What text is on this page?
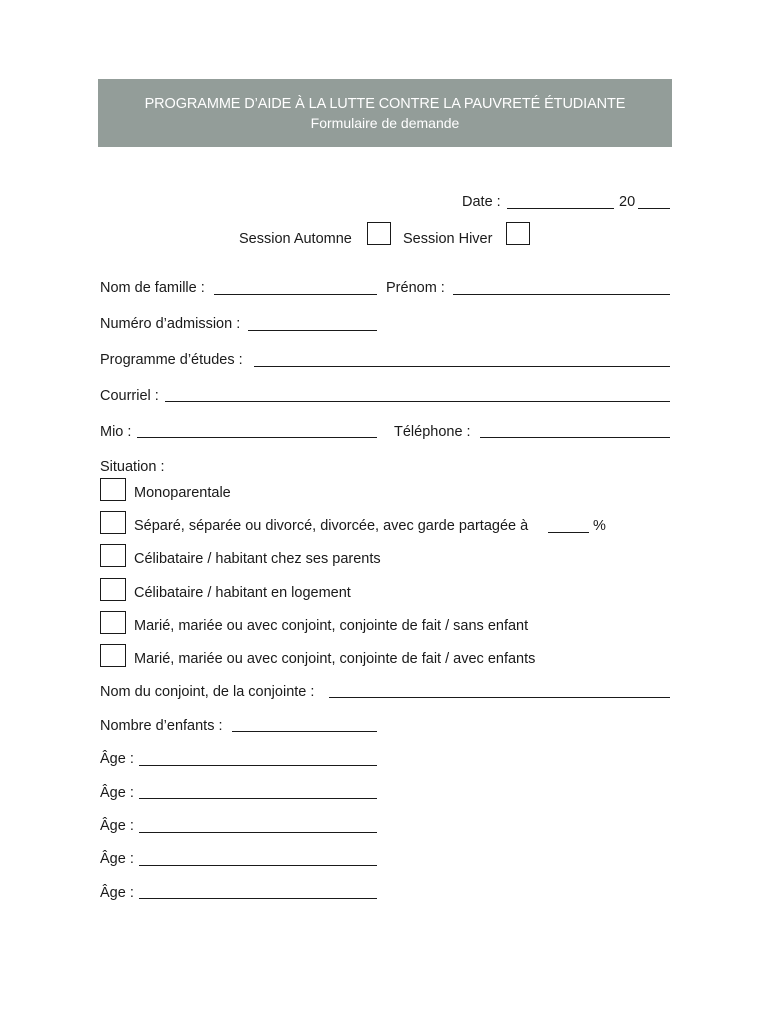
PROGRAMME D’AIDE À LA LUTTE CONTRE LA PAUVRETÉ ÉTUDIANTE
Formulaire de demande
Date :	20
Session Automne	Session Hiver
Nom de famille :	Prénom :
Numéro d’admission :
Programme d’études :
Courriel :
Mio :	Téléphone :
Situation :
Monoparentale
Séparé, séparée ou divorcé, divorcée, avec garde partagée à	%
Célibataire / habitant chez ses parents
Célibataire / habitant en logement
Marié, mariée ou avec conjoint, conjointe de fait / sans enfant
Marié, mariée ou avec conjoint, conjointe de fait / avec enfants
Nom du conjoint, de la conjointe :
Nombre d’enfants :
Âge :
Âge :
Âge :
Âge :
Âge :
